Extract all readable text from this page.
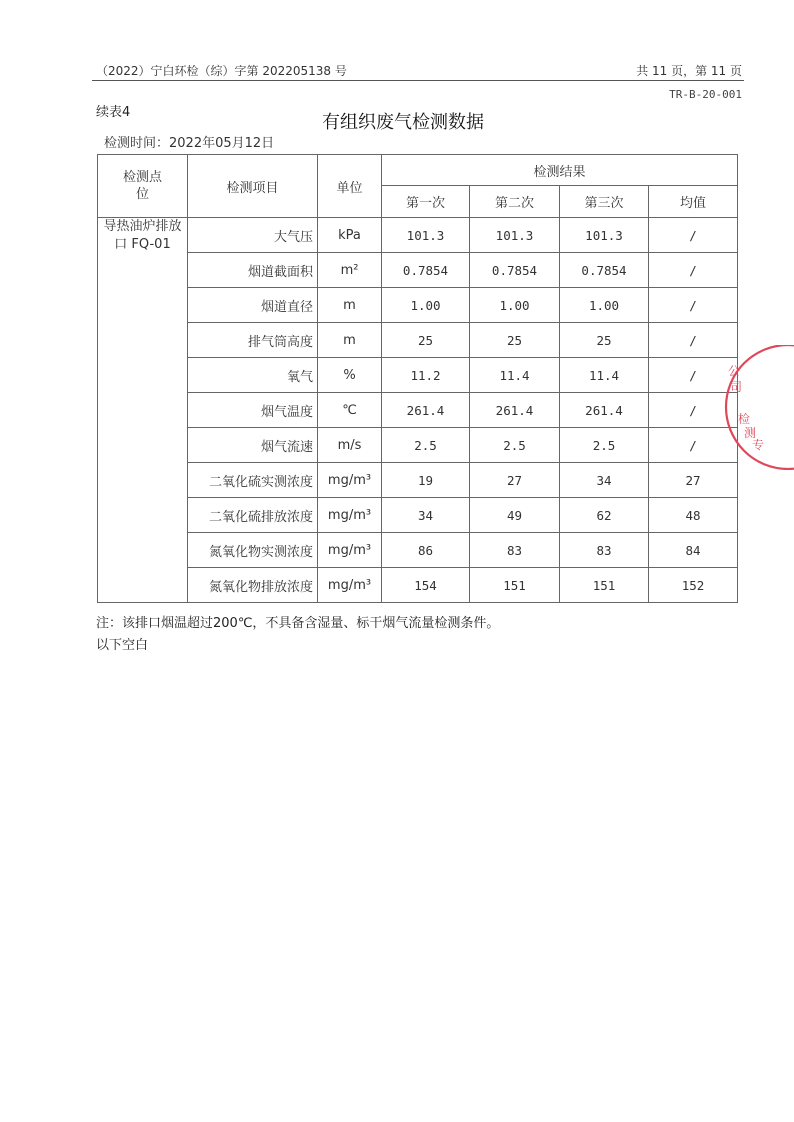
（2022）宁白环检（综）字第 202205138 号	共 11 页，第 11 页
TR-B-20-001
续表4	有组织废气检测数据
检测时间：2022年05月12日
检测点位	检测项目	单位	检测结果			
			第一次	第二次	第三次	均值
导热油炉排放口 FQ-01	大气压	kPa	101.3	101.3	101.3	/
	烟道截面积	m²	0.7854	0.7854	0.7854	/
	烟道直径	m	1.00	1.00	1.00	/
	排气筒高度	m	25	25	25	/
	氧气	%	11.2	11.4	11.4	/
	烟气温度	℃	261.4	261.4	261.4	/
	烟气流速	m/s	2.5	2.5	2.5	/
	二氧化硫实测浓度	mg/m³	19	27	34	27
	二氧化硫排放浓度	mg/m³	34	49	62	48
	氮氧化物实测浓度	mg/m³	86	83	83	84
	氮氧化物排放浓度	mg/m³	154	151	151	152
注：该排口烟温超过200℃，不具备含湿量、标干烟气流量检测条件。
以下空白
公
司
检
测
专
